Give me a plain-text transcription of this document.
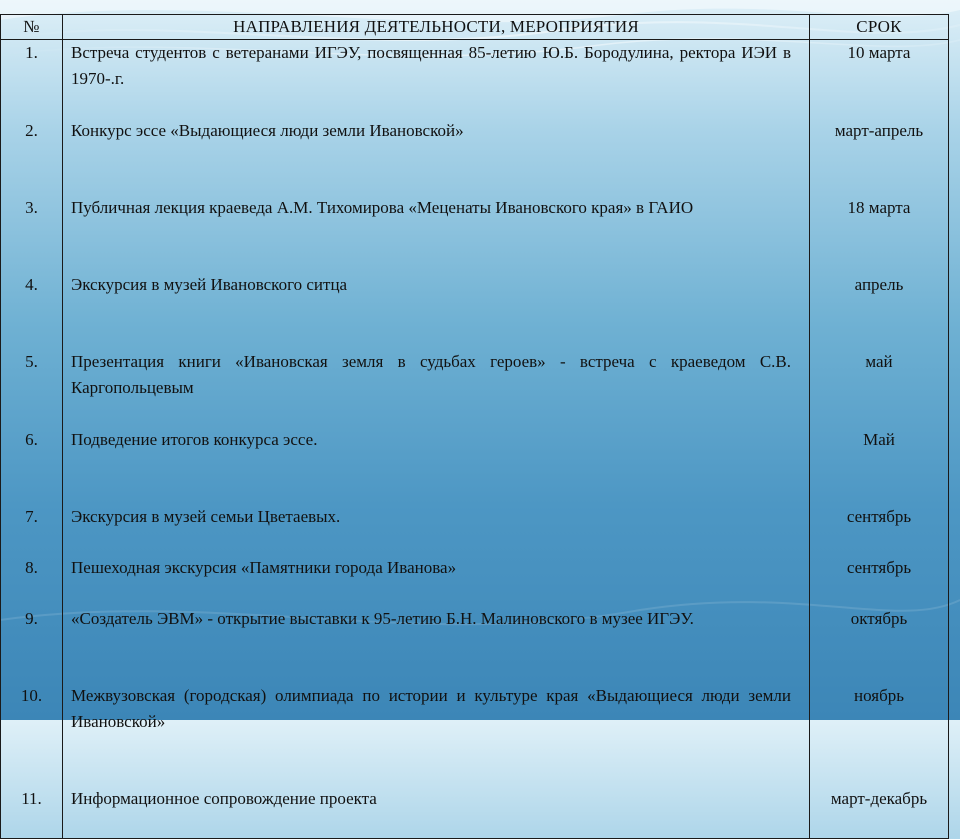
№	НАПРАВЛЕНИЯ ДЕЯТЕЛЬНОСТИ, МЕРОПРИЯТИЯ	СРОК
1.	Встреча студентов с ветеранами ИГЭУ, посвященная 85-летию Ю.Б. Бородулина, ректора ИЭИ в 1970-.г.	10 марта
2.	Конкурс эссе «Выдающиеся люди земли Ивановской»	март-апрель
3.	Публичная лекция краеведа А.М. Тихомирова «Меценаты Ивановского края» в ГАИО	18 марта
4.	Экскурсия в музей Ивановского ситца	апрель
5.	Презентация книги «Ивановская земля в судьбах героев» - встреча с краеведом С.В. Каргопольцевым	май
6.	Подведение итогов конкурса эссе.	Май
7.	Экскурсия в музей семьи Цветаевых.	сентябрь
8.	Пешеходная экскурсия «Памятники города Иванова»	сентябрь
9.	«Создатель ЭВМ» - открытие выставки к 95-летию Б.Н. Малиновского в музее ИГЭУ.	октябрь
10.	Межвузовская (городская) олимпиада по истории и культуре края «Выдающиеся люди земли Ивановской»	ноябрь
11.	Информационное сопровождение проекта	март-декабрь
